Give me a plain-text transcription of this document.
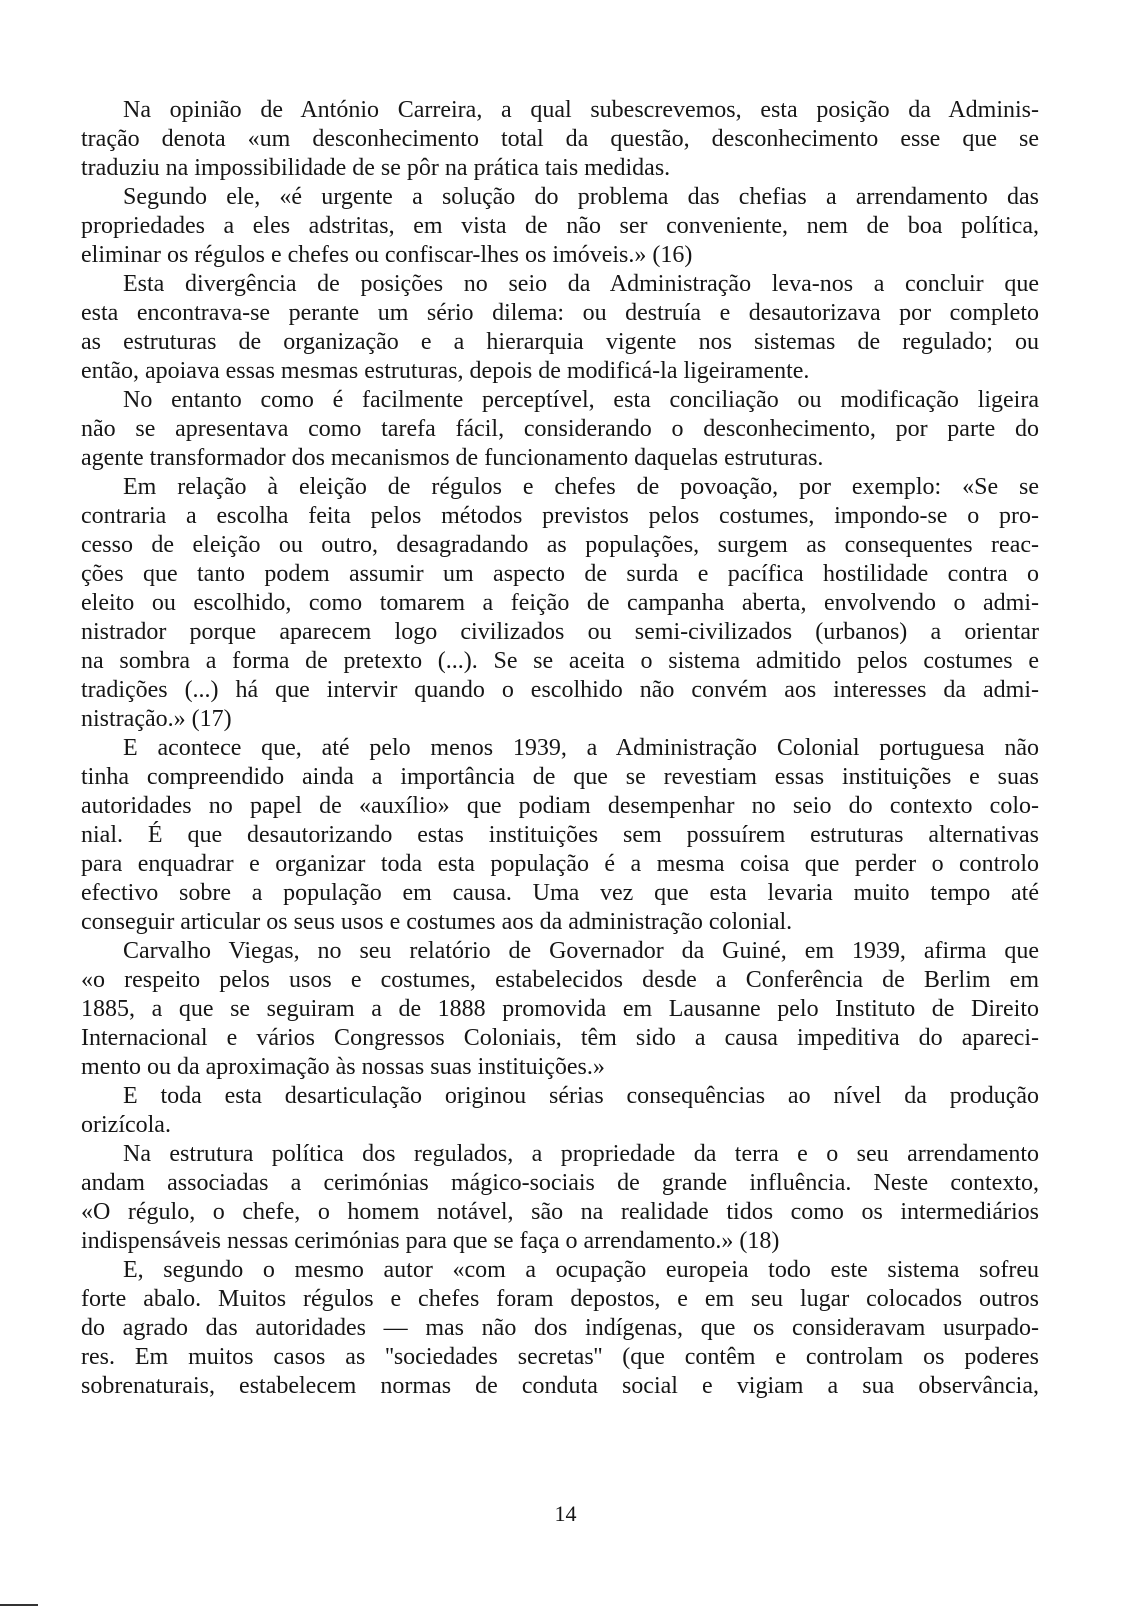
Na opinião de António Carreira, a qual subescrevemos, esta posição da Adminis-
tração denota «um desconhecimento total da questão, desconhecimento esse que se
traduziu na impossibilidade de se pôr na prática tais medidas.
Segundo ele, «é urgente a solução do problema das chefias a arrendamento das
propriedades a eles adstritas, em vista de não ser conveniente, nem de boa política,
eliminar os régulos e chefes ou confiscar-lhes os imóveis.» (16)
Esta divergência de posições no seio da Administração leva-nos a concluir que
esta encontrava-se perante um sério dilema: ou destruía e desautorizava por completo
as estruturas de organização e a hierarquia vigente nos sistemas de regulado; ou
então, apoiava essas mesmas estruturas, depois de modificá-la ligeiramente.
No entanto como é facilmente perceptível, esta conciliação ou modificação ligeira
não se apresentava como tarefa fácil, considerando o desconhecimento, por parte do
agente transformador dos mecanismos de funcionamento daquelas estruturas.
Em relação à eleição de régulos e chefes de povoação, por exemplo: «Se se
contraria a escolha feita pelos métodos previstos pelos costumes, impondo-se o pro-
cesso de eleição ou outro, desagradando as populações, surgem as consequentes reac-
ções que tanto podem assumir um aspecto de surda e pacífica hostilidade contra o
eleito ou escolhido, como tomarem a feição de campanha aberta, envolvendo o admi-
nistrador porque aparecem logo civilizados ou semi-civilizados (urbanos) a orientar
na sombra a forma de pretexto (...). Se se aceita o sistema admitido pelos costumes e
tradições (...) há que intervir quando o escolhido não convém aos interesses da admi-
nistração.» (17)
E acontece que, até pelo menos 1939, a Administração Colonial portuguesa não
tinha compreendido ainda a importância de que se revestiam essas instituições e suas
autoridades no papel de «auxílio» que podiam desempenhar no seio do contexto colo-
nial. É que desautorizando estas instituições sem possuírem estruturas alternativas
para enquadrar e organizar toda esta população é a mesma coisa que perder o controlo
efectivo sobre a população em causa. Uma vez que esta levaria muito tempo até
conseguir articular os seus usos e costumes aos da administração colonial.
Carvalho Viegas, no seu relatório de Governador da Guiné, em 1939, afirma que
«o respeito pelos usos e costumes, estabelecidos desde a Conferência de Berlim em
1885, a que se seguiram a de 1888 promovida em Lausanne pelo Instituto de Direito
Internacional e vários Congressos Coloniais, têm sido a causa impeditiva do apareci-
mento ou da aproximação às nossas suas instituições.»
E toda esta desarticulação originou sérias consequências ao nível da produção
orizícola.
Na estrutura política dos regulados, a propriedade da terra e o seu arrendamento
andam associadas a cerimónias mágico-sociais de grande influência. Neste contexto,
«O régulo, o chefe, o homem notável, são na realidade tidos como os intermediários
indispensáveis nessas cerimónias para que se faça o arrendamento.» (18)
E, segundo o mesmo autor «com a ocupação europeia todo este sistema sofreu
forte abalo. Muitos régulos e chefes foram depostos, e em seu lugar colocados outros
do agrado das autoridades — mas não dos indígenas, que os consideravam usurpado-
res. Em muitos casos as ''sociedades secretas'' (que contêm e controlam os poderes
sobrenaturais, estabelecem normas de conduta social e vigiam a sua observância,
14
